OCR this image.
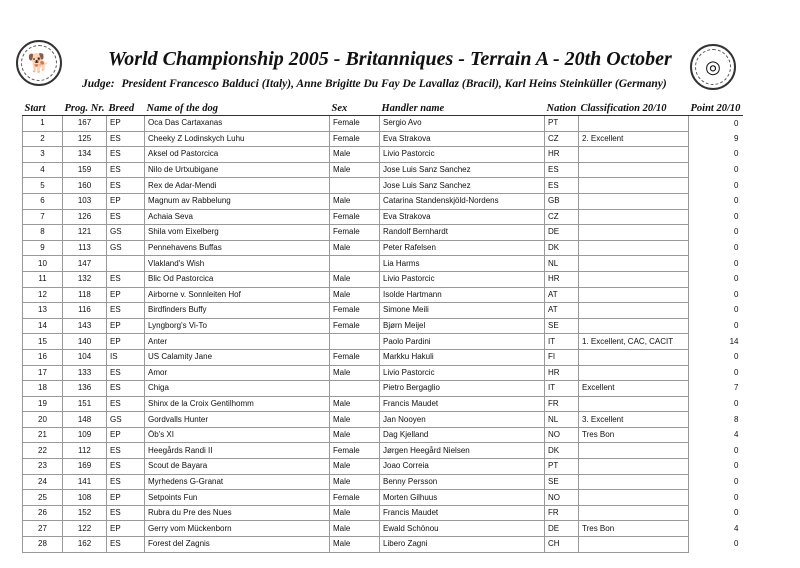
🐕	◎
World Championship 2005 - Britanniques - Terrain A - 20th October
Judge: President Francesco Balduci (Italy), Anne Brigitte Du Fay De Lavallaz (Bracil), Karl Heins Steinküller (Germany)
Start	Prog. Nr.	Breed	Name of the dog	Sex	Handler name	Nation	Classification 20/10	Point 20/10
1	167	EP	Oca Das Cartaxanas	Female	Sergio Avo	PT		0
2	125	ES	Cheeky Z Lodinskych Luhu	Female	Eva Strakova	CZ	2. Excellent	9
3	134	ES	Aksel od Pastorcica	Male	Livio Pastorcic	HR		0
4	159	ES	Nilo de Urtxubigane	Male	Jose Luis Sanz Sanchez	ES		0
5	160	ES	Rex de Adar-Mendi		Jose Luis Sanz Sanchez	ES		0
6	103	EP	Magnum av Rabbelung	Male	Catarina Standenskjöld-Nordens	GB		0
7	126	ES	Achaia Seva	Female	Eva Strakova	CZ		0
8	121	GS	Shila vom Eixelberg	Female	Randolf Bernhardt	DE		0
9	113	GS	Pennehavens Buffas	Male	Peter Rafelsen	DK		0
10	147		Vlakland's Wish		Lia Harms	NL		0
11	132	ES	Blic Od Pastorcica	Male	Livio Pastorcic	HR		0
12	118	EP	Airborne v. Sonnleiten Hof	Male	Isolde Hartmann	AT		0
13	116	ES	Birdfinders Buffy	Female	Simone Meili	AT		0
14	143	EP	Lyngborg's Vi-To	Female	Bjørn Meijel	SE		0
15	140	EP	Anter		Paolo Pardini	IT	1. Excellent, CAC, CACIT	14
16	104	IS	US Calamity Jane	Female	Markku Hakuli	FI		0
17	133	ES	Amor	Male	Livio Pastorcic	HR		0
18	136	ES	Chiga		Pietro Bergaglio	IT	Excellent	7
19	151	ES	Shinx de la Croix Gentilhomm	Male	Francis Maudet	FR		0
20	148	GS	Gordvalls Hunter	Male	Jan Nooyen	NL	3. Excellent	8
21	109	EP	Öb's XI	Male	Dag Kjelland	NO	Tres Bon	4
22	112	ES	Heegårds Randi II	Female	Jørgen Heegård Nielsen	DK		0
23	169	ES	Scout de Bayara	Male	Joao Correia	PT		0
24	141	ES	Myrhedens G-Granat	Male	Benny Persson	SE		0
25	108	EP	Setpoints Fun	Female	Morten Gilhuus	NO		0
26	152	ES	Rubra du Pre des Nues	Male	Francis Maudet	FR		0
27	122	EP	Gerry vom Mückenborn	Male	Ewald Schönou	DE	Tres Bon	4
28	162	ES	Forest del Zagnis	Male	Libero Zagni	CH		0
